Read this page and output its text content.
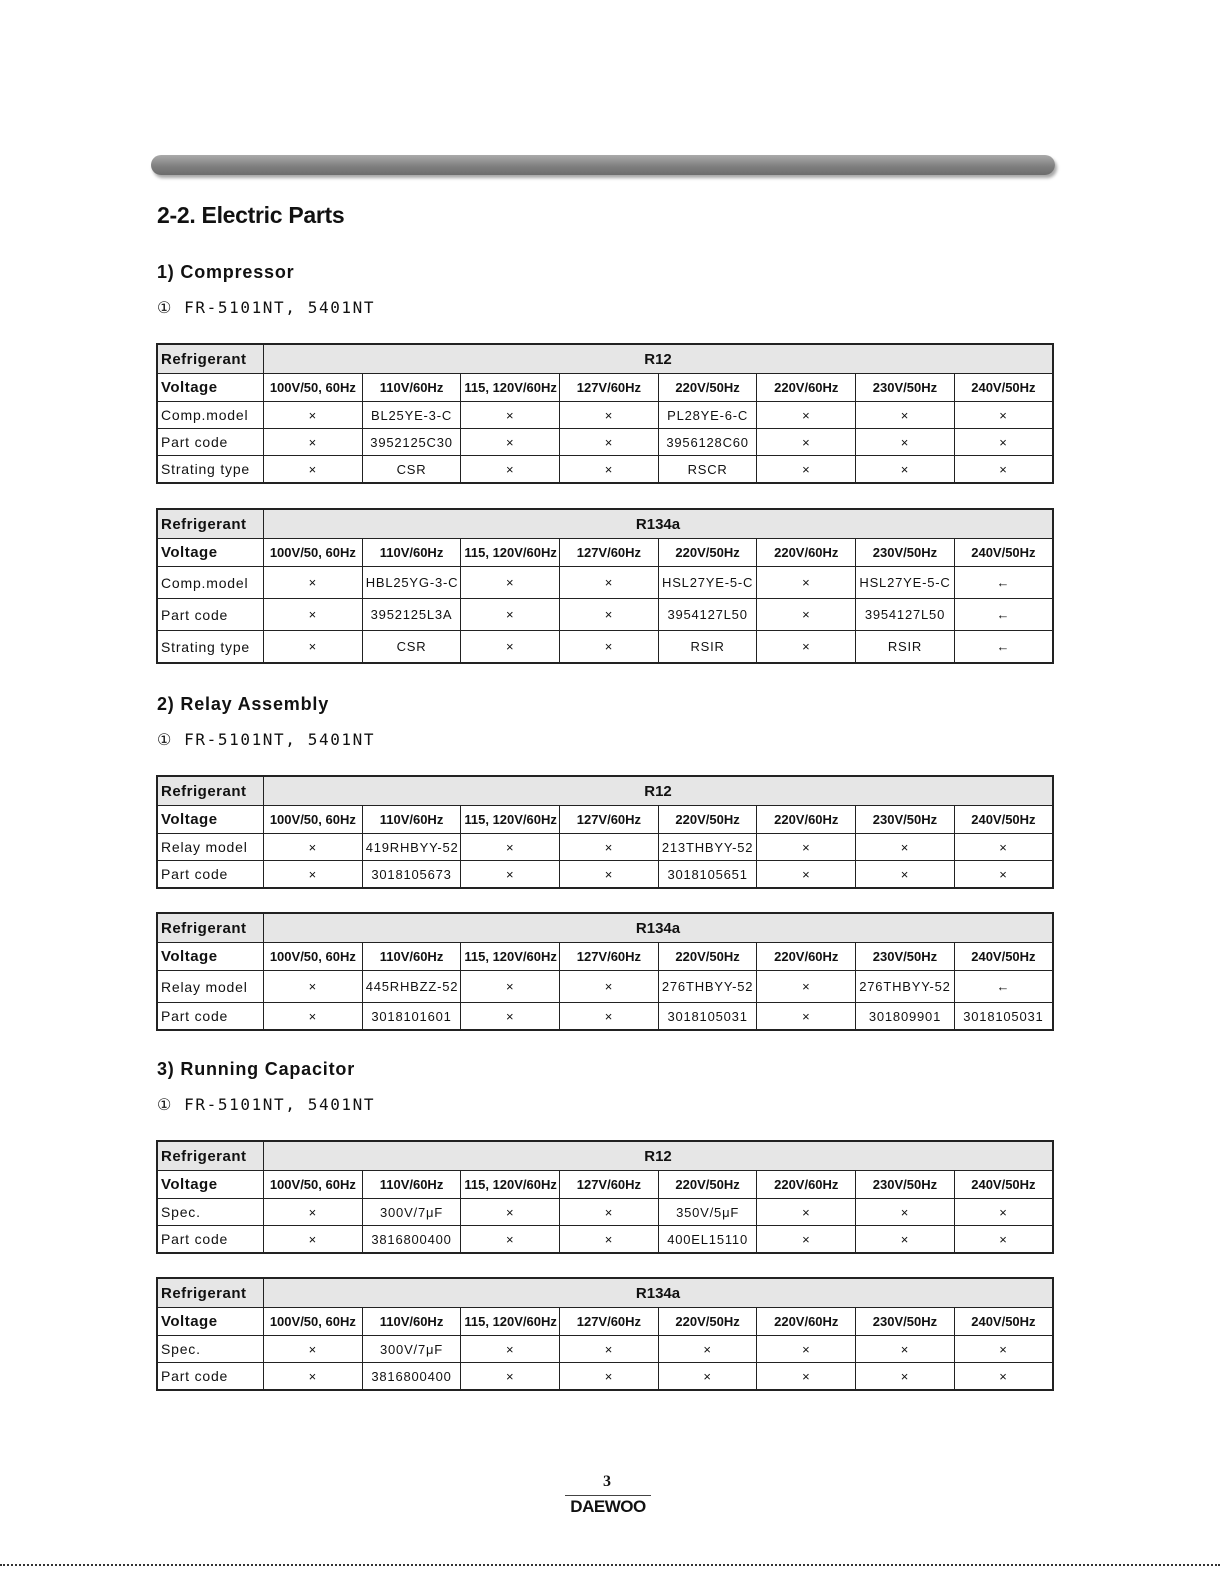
2-2. Electric Parts
1) Compressor

① FR-5101NT, 5401NT

Refrigerant	R12							
Voltage	100V/50, 60Hz	110V/60Hz	115, 120V/60Hz	127V/60Hz	220V/50Hz	220V/60Hz	230V/50Hz	240V/50Hz
Comp.model	×	BL25YE-3-C	×	×	PL28YE-6-C	×	×	×
Part code	×	3952125C30	×	×	3956128C60	×	×	×
Strating type	×	CSR	×	×	RSCR	×	×	×
Refrigerant	R134a							
Voltage	100V/50, 60Hz	110V/60Hz	115, 120V/60Hz	127V/60Hz	220V/50Hz	220V/60Hz	230V/50Hz	240V/50Hz
Comp.model	×	HBL25YG-3-C	×	×	HSL27YE-5-C	×	HSL27YE-5-C	←
Part code	×	3952125L3A	×	×	3954127L50	×	3954127L50	←
Strating type	×	CSR	×	×	RSIR	×	RSIR	←
2) Relay Assembly

① FR-5101NT, 5401NT

Refrigerant	R12							
Voltage	100V/50, 60Hz	110V/60Hz	115, 120V/60Hz	127V/60Hz	220V/50Hz	220V/60Hz	230V/50Hz	240V/50Hz
Relay model	×	419RHBYY-52	×	×	213THBYY-52	×	×	×
Part code	×	3018105673	×	×	3018105651	×	×	×
Refrigerant	R134a							
Voltage	100V/50, 60Hz	110V/60Hz	115, 120V/60Hz	127V/60Hz	220V/50Hz	220V/60Hz	230V/50Hz	240V/50Hz
Relay model	×	445RHBZZ-52	×	×	276THBYY-52	×	276THBYY-52	←
Part code	×	3018101601	×	×	3018105031	×	301809901	3018105031
3) Running Capacitor

① FR-5101NT, 5401NT

Refrigerant	R12							
Voltage	100V/50, 60Hz	110V/60Hz	115, 120V/60Hz	127V/60Hz	220V/50Hz	220V/60Hz	230V/50Hz	240V/50Hz
Spec.	×	300V/7μF	×	×	350V/5μF	×	×	×
Part code	×	3816800400	×	×	400EL15110	×	×	×
Refrigerant	R134a							
Voltage	100V/50, 60Hz	110V/60Hz	115, 120V/60Hz	127V/60Hz	220V/50Hz	220V/60Hz	230V/50Hz	240V/50Hz
Spec.	×	300V/7μF	×	×	×	×	×	×
Part code	×	3816800400	×	×	×	×	×	×
3
DAEWOO
